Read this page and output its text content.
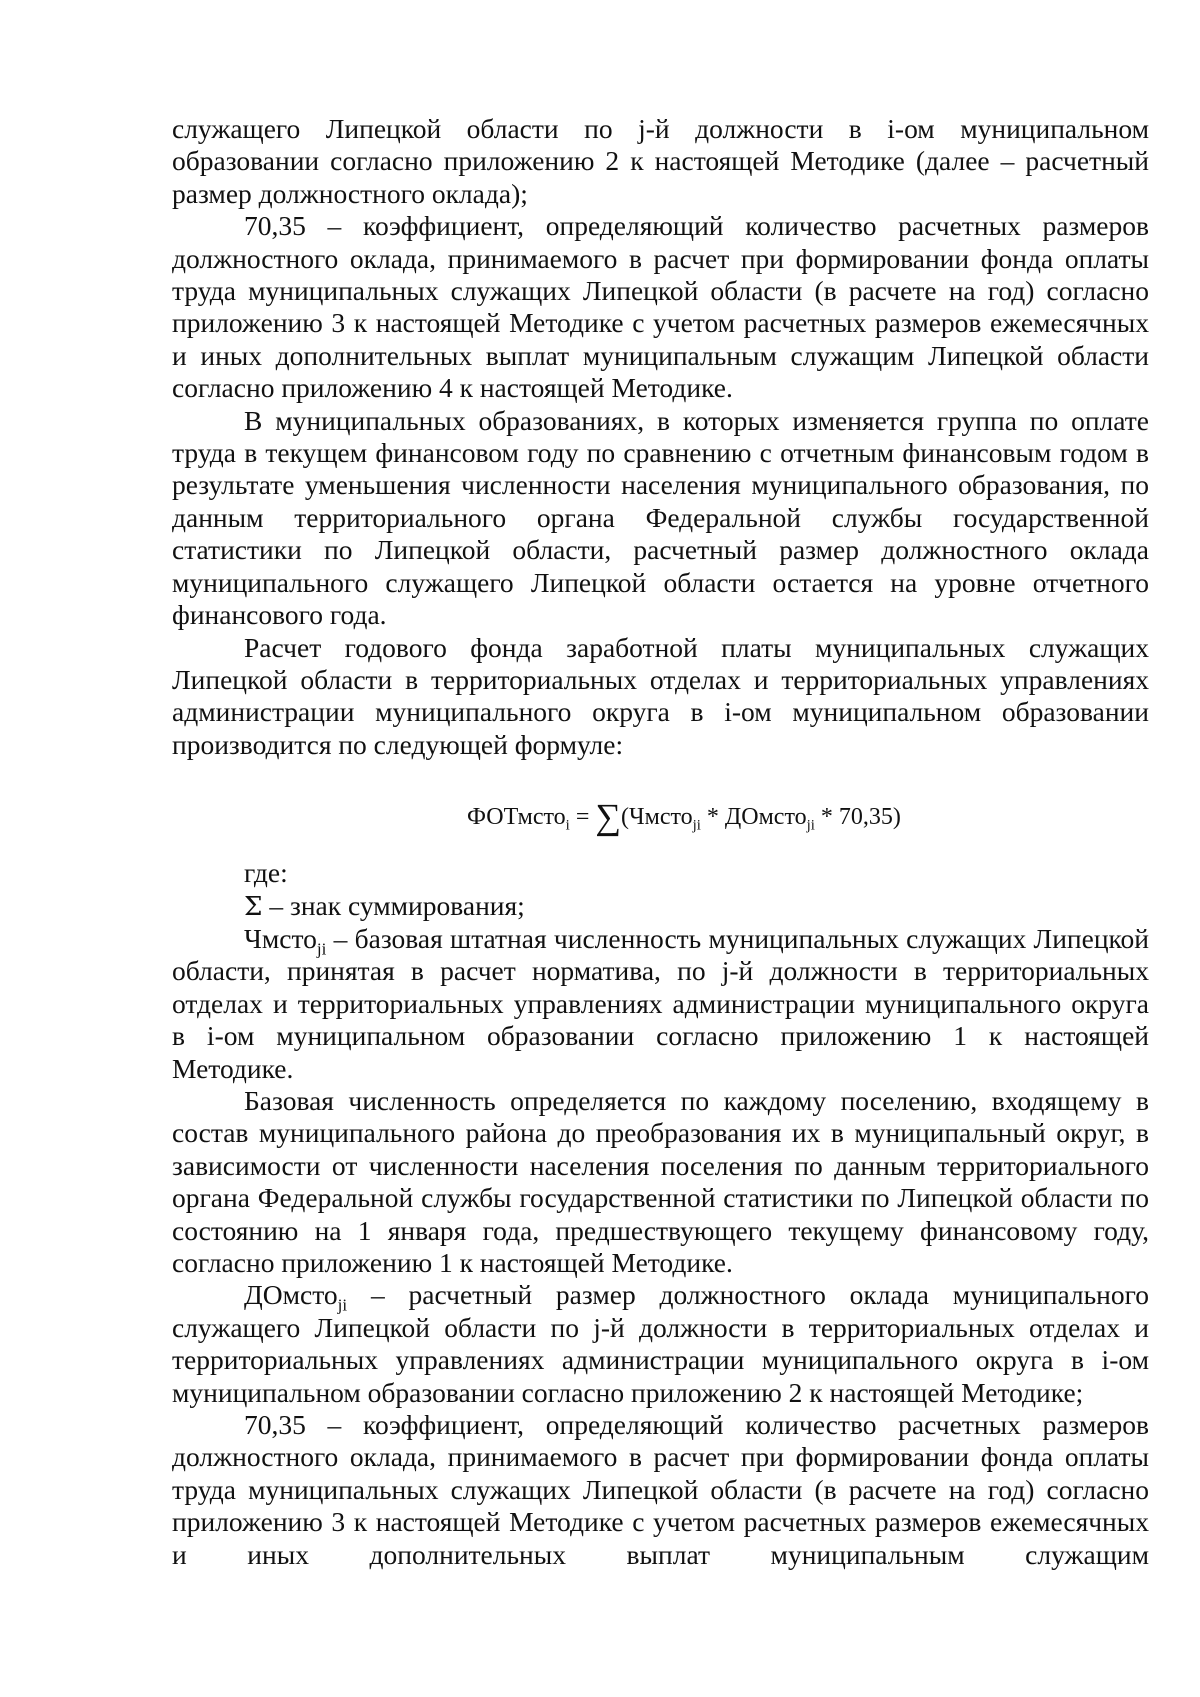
служащего Липецкой области по j-й должности в i-ом муниципальном образовании согласно приложению 2 к настоящей Методике (далее – расчетный размер должностного оклада);

70,35 – коэффициент, определяющий количество расчетных размеров должностного оклада, принимаемого в расчет при формировании фонда оплаты труда муниципальных служащих Липецкой области (в расчете на год) согласно приложению 3 к настоящей Методике с учетом расчетных размеров ежемесячных и иных дополнительных выплат муниципальным служащим Липецкой области согласно приложению 4 к настоящей Методике.

В муниципальных образованиях, в которых изменяется группа по оплате труда в текущем финансовом году по сравнению с отчетным финансовым годом в результате уменьшения численности населения муниципального образования, по данным территориального органа Федеральной службы государственной статистики по Липецкой области, расчетный размер должностного оклада муниципального служащего Липецкой области остается на уровне отчетного финансового года.

Расчет годового фонда заработной платы муниципальных служащих Липецкой области в территориальных отделах и территориальных управлениях администрации муниципального округа в i-ом муниципальном образовании производится по следующей формуле:

ФОТмсто$_i$ = ∑(Чмсто$_{ji}$ * ДОмсто$_{ji}$ * 70,35)

где:

Σ – знак суммирования;

Чмсто$_{ji}$ – базовая штатная численность муниципальных служащих Липецкой области, принятая в расчет норматива, по j-й должности в территориальных отделах и территориальных управлениях администрации муниципального округа в i-ом муниципальном образовании согласно приложению 1 к настоящей Методике.

Базовая численность определяется по каждому поселению, входящему в состав муниципального района до преобразования их в муниципальный округ, в зависимости от численности населения поселения по данным территориального органа Федеральной службы государственной статистики по Липецкой области по состоянию на 1 января года, предшествующего текущему финансовому году, согласно приложению 1 к настоящей Методике.

ДОмсто$_{ji}$ – расчетный размер должностного оклада муниципального служащего Липецкой области по j-й должности в территориальных отделах и территориальных управлениях администрации муниципального округа в i-ом муниципальном образовании согласно приложению 2 к настоящей Методике;

70,35 – коэффициент, определяющий количество расчетных размеров должностного оклада, принимаемого в расчет при формировании фонда оплаты труда муниципальных служащих Липецкой области (в расчете на год) согласно приложению 3 к настоящей Методике с учетом расчетных размеров ежемесячных и иных дополнительных выплат муниципальным служащим
